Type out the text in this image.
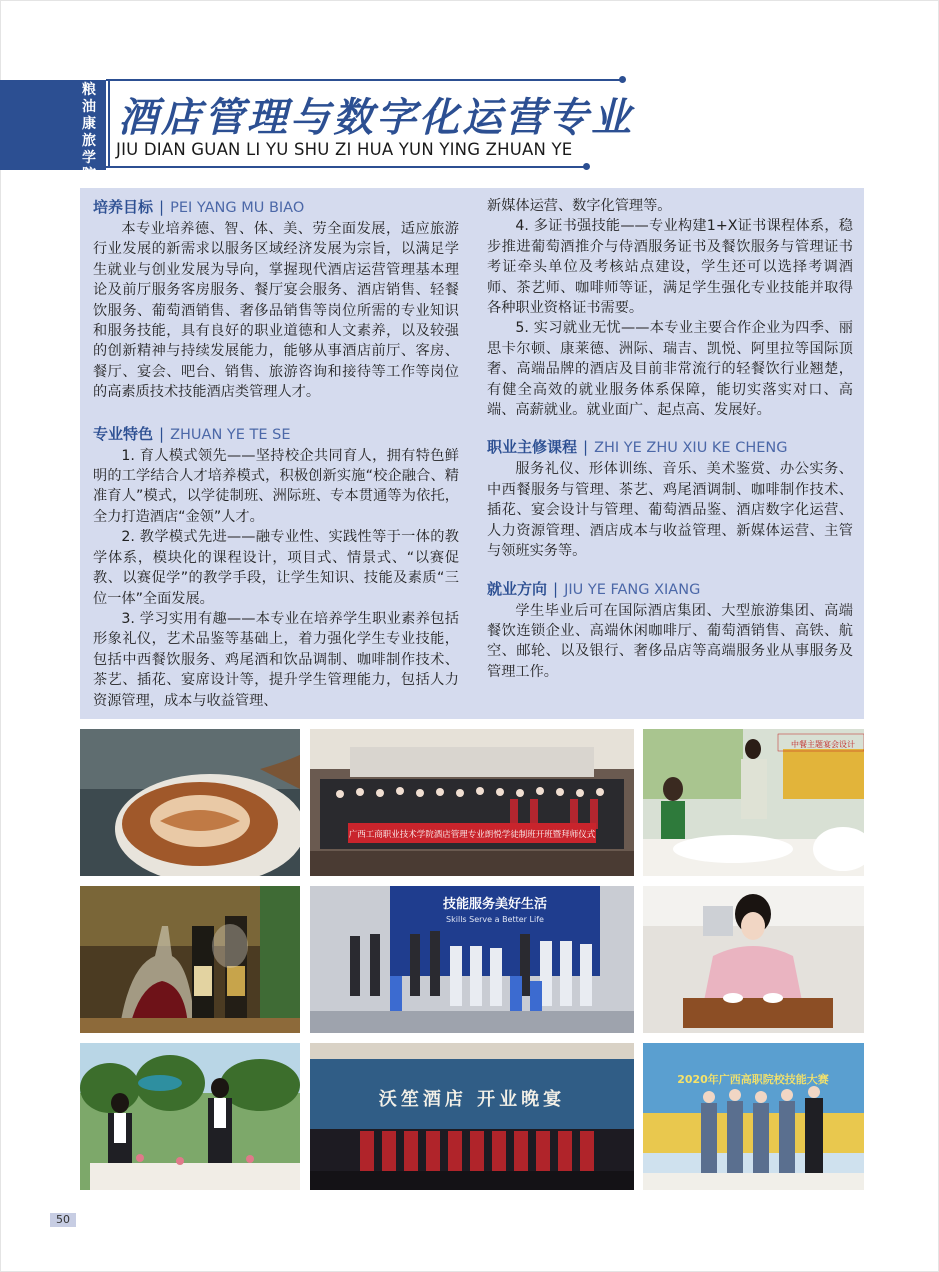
粮油康旅学院
酒店管理与数字化运营专业
JIU DIAN GUAN LI YU SHU ZI HUA YUN YING ZHUAN YE
培养目标 | PEI YANG MU BIAO

本专业培养德、智、体、美、劳全面发展，适应旅游行业发展的新需求以服务区域经济发展为宗旨，以满足学生就业与创业发展为导向，掌握现代酒店运营管理基本理论及前厅服务客房服务、餐厅宴会服务、酒店销售、轻餐饮服务、葡萄酒销售、奢侈品销售等岗位所需的专业知识和服务技能，具有良好的职业道德和人文素养，以及较强的创新精神与持续发展能力，能够从事酒店前厅、客房、餐厅、宴会、吧台、销售、旅游咨询和接待等工作等岗位的高素质技术技能酒店类管理人才。

专业特色 | ZHUAN YE TE SE

1. 育人模式领先——坚持校企共同育人，拥有特色鲜明的工学结合人才培养模式，积极创新实施“校企融合、精准育人”模式，以学徒制班、洲际班、专本贯通等为依托，全力打造酒店“金领”人才。

2. 教学模式先进——融专业性、实践性等于一体的教学体系，模块化的课程设计，项目式、情景式、“以赛促教、以赛促学”的教学手段，让学生知识、技能及素质“三位一体”全面发展。

3. 学习实用有趣——本专业在培养学生职业素养包括形象礼仪，艺术品鉴等基础上，着力强化学生专业技能，包括中西餐饮服务、鸡尾酒和饮品调制、咖啡制作技术、茶艺、插花、宴席设计等，提升学生管理能力，包括人力资源管理，成本与收益管理、

新媒体运营、数字化管理等。

4. 多证书强技能——专业构建1+X证书课程体系，稳步推进葡萄酒推介与侍酒服务证书及餐饮服务与管理证书考证牵头单位及考核站点建设，学生还可以选择考调酒师、茶艺师、咖啡师等证，满足学生强化专业技能并取得各种职业资格证书需要。

5. 实习就业无忧——本专业主要合作企业为四季、丽思卡尔顿、康莱德、洲际、瑞吉、凯悦、阿里拉等国际顶奢、高端品牌的酒店及目前非常流行的轻餐饮行业翘楚，有健全高效的就业服务体系保障，能切实落实对口、高端、高薪就业。就业面广、起点高、发展好。

职业主修课程 | ZHI YE ZHU XIU KE CHENG

服务礼仪、形体训练、音乐、美术鉴赏、办公实务、中西餐服务与管理、茶艺、鸡尾酒调制、咖啡制作技术、插花、宴会设计与管理、葡萄酒品鉴、酒店数字化运营、人力资源管理、酒店成本与收益管理、新媒体运营、主管与领班实务等。

就业方向 | JIU YE FANG XIANG

学生毕业后可在国际酒店集团、大型旅游集团、高端餐饮连锁企业、高端休闲咖啡厅、葡萄酒销售、高铁、航空、邮轮、以及银行、奢侈品店等高端服务业从事服务及管理工作。

广西工商职业技术学院酒店管理专业朗悦学徒制班开班暨拜师仪式
中餐主题宴会设计
技能服务美好生活
Skills Serve a Better Life
沃笙酒店 开业晚宴
2020年广西高职院校技能大赛
50
